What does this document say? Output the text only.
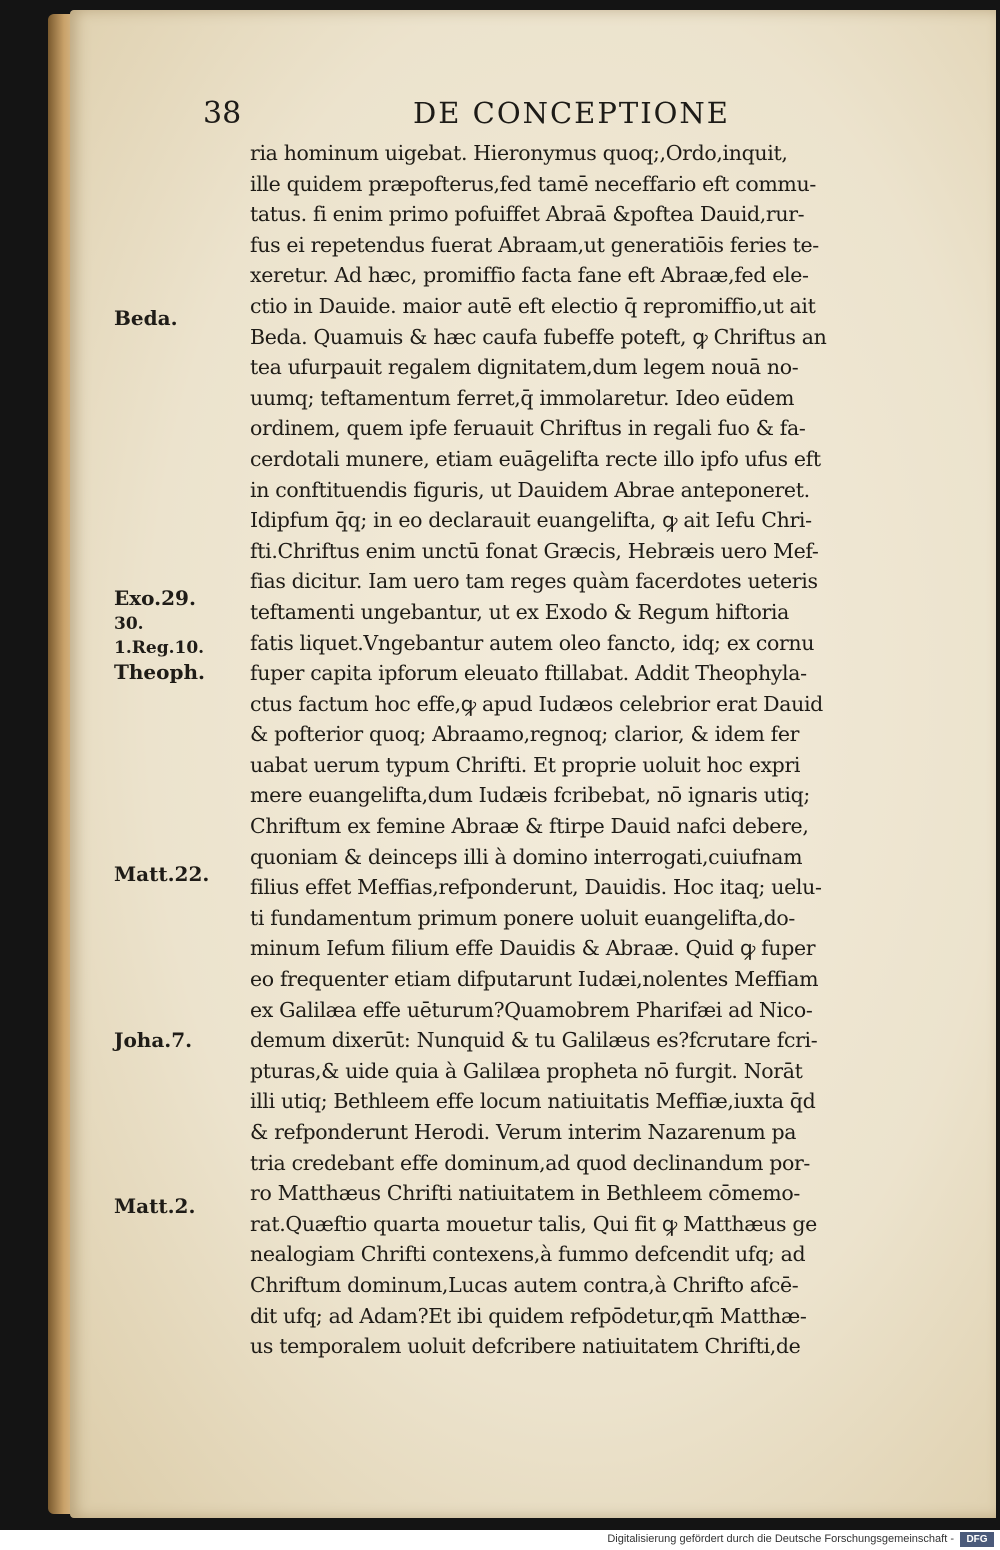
38	DE CONCEPTIONE
Beda.
Exo.29.
30.
1.Reg.10.
Theoph.
Matt.22.
Joha.7.
Matt.2.
ria hominum uigebat. Hieronymus quoq;,Ordo,inquit,
ille quidem præpofterus,fed tamē neceffario eft commu-
tatus. fi enim primo pofuiffet Abraā &poftea Dauid,rur-
fus ei repetendus fuerat Abraam,ut generatiōis feries te-
xeretur. Ad hæc, promiffio facta fane eft Abraæ,fed ele-
ctio in Dauide. maior autē eft electio q̄ repromiffio,ut ait
Beda. Quamuis & hæc caufa fubeffe poteft, ꝙ Chriftus an
tea ufurpauit regalem dignitatem,dum legem nouā no-
uumq; teftamentum ferret,q̄ immolaretur. Ideo eūdem
ordinem, quem ipfe feruauit Chriftus in regali fuo & fa-
cerdotali munere, etiam euāgelifta recte illo ipfo ufus eft
in conftituendis figuris, ut Dauidem Abrae anteponeret.
Idipfum q̄q; in eo declarauit euangelifta, ꝙ ait Iefu Chri-
fti.Chriftus enim unctū fonat Græcis, Hebræis uero Mef-
fias dicitur. Iam uero tam reges quàm facerdotes ueteris
teftamenti ungebantur, ut ex Exodo & Regum hiftoria
fatis liquet.Vngebantur autem oleo fancto, idq; ex cornu
fuper capita ipforum eleuato ftillabat. Addit Theophyla-
ctus factum hoc effe,ꝙ apud Iudæos celebrior erat Dauid
& pofterior quoq; Abraamo,regnoq; clarior, & idem fer
uabat uerum typum Chrifti. Et proprie uoluit hoc expri
mere euangelifta,dum Iudæis fcribebat, nō ignaris utiq;
Chriftum ex femine Abraæ & ftirpe Dauid nafci debere,
quoniam & deinceps illi à domino interrogati,cuiufnam
filius effet Meffias,refponderunt, Dauidis. Hoc itaq; uelu-
ti fundamentum primum ponere uoluit euangelifta,do-
minum Iefum filium effe Dauidis & Abraæ. Quid ꝙ fuper
eo frequenter etiam difputarunt Iudæi,nolentes Meffiam
ex Galilæa effe uēturum?Quamobrem Pharifæi ad Nico-
demum dixerūt: Nunquid & tu Galilæus es?fcrutare fcri-
pturas,& uide quia à Galilæa propheta nō furgit. Norāt
illi utiq; Bethleem effe locum natiuitatis Meffiæ,iuxta q̄d
& refponderunt Herodi. Verum interim Nazarenum pa
tria credebant effe dominum,ad quod declinandum por-
ro Matthæus Chrifti natiuitatem in Bethleem cōmemo-
rat.Quæftio quarta mouetur talis, Qui fit ꝙ Matthæus ge
nealogiam Chrifti contexens,à fummo defcendit ufq; ad
Chriftum dominum,Lucas autem contra,à Chrifto afcē-
dit ufq; ad Adam?Et ibi quidem refpōdetur,qm̄ Matthæ-
us temporalem uoluit defcribere natiuitatem Chrifti,de
Digitalisierung gefördert durch die Deutsche Forschungsgemeinschaft -	DFG
